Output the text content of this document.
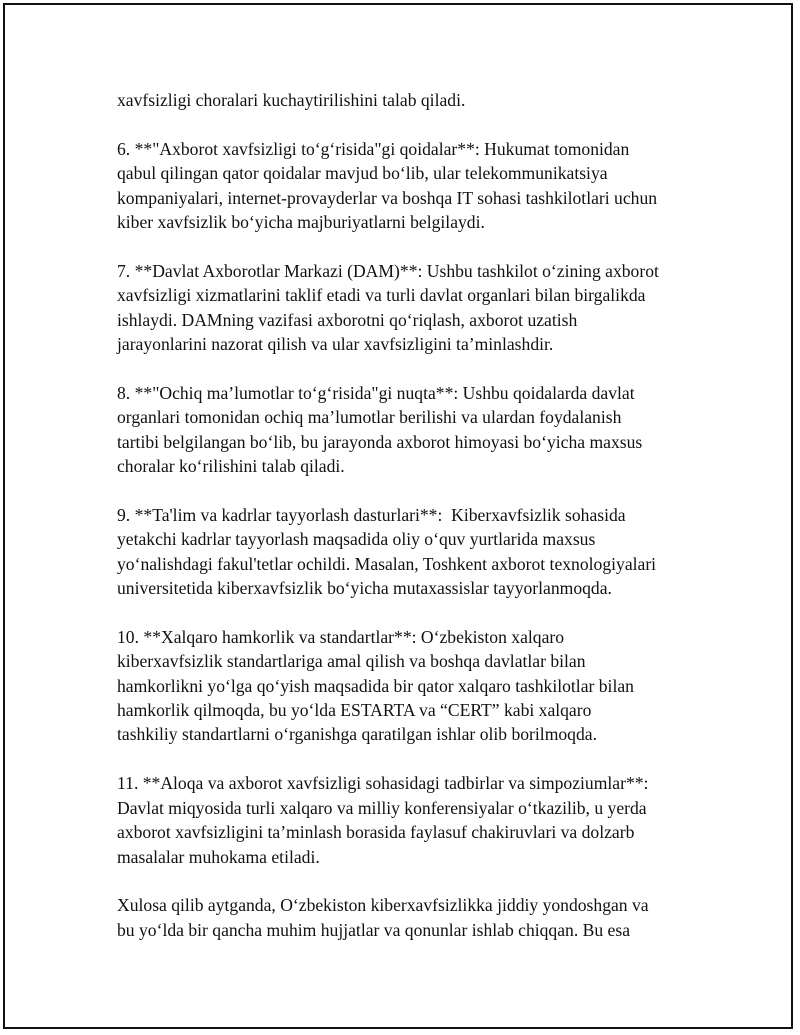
xavfsizligi choralari kuchaytirilishini talab qiladi.

6. **"Axborot xavfsizligi to‘g‘risida"gi qoidalar**: Hukumat tomonidan
qabul qilingan qator qoidalar mavjud bo‘lib, ular telekommunikatsiya
kompaniyalari, internet-provayderlar va boshqa IT sohasi tashkilotlari uchun
kiber xavfsizlik bo‘yicha majburiyatlarni belgilaydi.

7. **Davlat Axborotlar Markazi (DAM)**: Ushbu tashkilot o‘zining axborot
xavfsizligi xizmatlarini taklif etadi va turli davlat organlari bilan birgalikda
ishlaydi. DAMning vazifasi axborotni qo‘riqlash, axborot uzatish
jarayonlarini nazorat qilish va ular xavfsizligini ta’minlashdir.

8. **"Ochiq ma’lumotlar to‘g‘risida"gi nuqta**: Ushbu qoidalarda davlat
organlari tomonidan ochiq ma’lumotlar berilishi va ulardan foydalanish
tartibi belgilangan bo‘lib, bu jarayonda axborot himoyasi bo‘yicha maxsus
choralar ko‘rilishini talab qiladi.

9. **Ta'lim va kadrlar tayyorlash dasturlari**:  Kiberxavfsizlik sohasida
yetakchi kadrlar tayyorlash maqsadida oliy o‘quv yurtlarida maxsus
yo‘nalishdagi fakul'tetlar ochildi. Masalan, Toshkent axborot texnologiyalari
universitetida kiberxavfsizlik bo‘yicha mutaxassislar tayyorlanmoqda.

10. **Xalqaro hamkorlik va standartlar**: O‘zbekiston xalqaro
kiberxavfsizlik standartlariga amal qilish va boshqa davlatlar bilan
hamkorlikni yo‘lga qo‘yish maqsadida bir qator xalqaro tashkilotlar bilan
hamkorlik qilmoqda, bu yo‘lda ESTARTA va “CERT” kabi xalqaro
tashkiliy standartlarni o‘rganishga qaratilgan ishlar olib borilmoqda.

11. **Aloqa va axborot xavfsizligi sohasidagi tadbirlar va simpoziumlar**:
Davlat miqyosida turli xalqaro va milliy konferensiyalar o‘tkazilib, u yerda
axborot xavfsizligini ta’minlash borasida faylasuf chakiruvlari va dolzarb
masalalar muhokama etiladi.

Xulosa qilib aytganda, O‘zbekiston kiberxavfsizlikka jiddiy yondoshgan va
bu yo‘lda bir qancha muhim hujjatlar va qonunlar ishlab chiqqan. Bu esa
